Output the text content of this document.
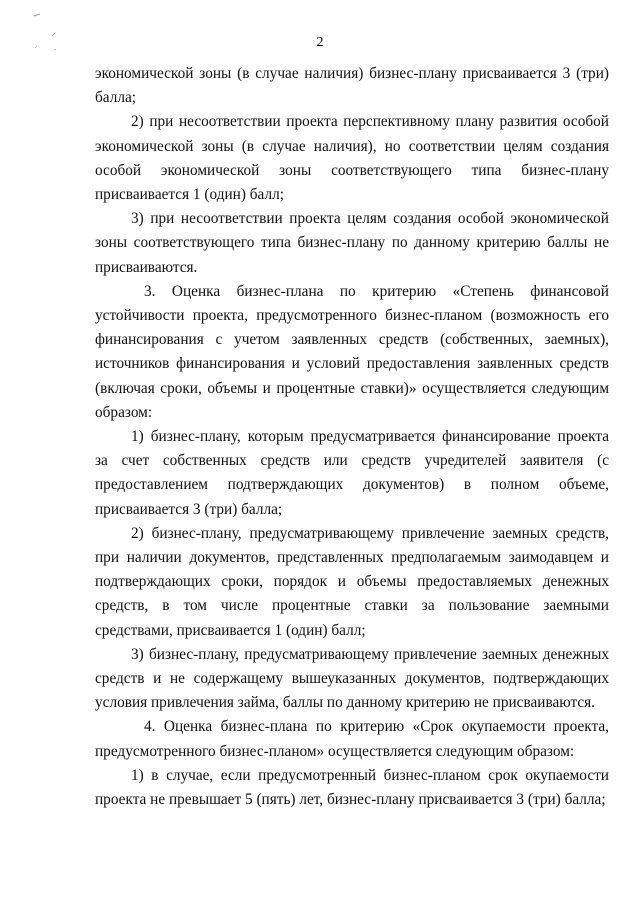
2

экономической зоны (в случае наличия) бизнес-плану присваивается 3 (три) балла;

2) при несоответствии проекта перспективному плану развития особой экономической зоны (в случае наличия), но соответствии целям создания особой экономической зоны соответствующего типа бизнес-плану присваивается 1 (один) балл;

3) при несоответствии проекта целям создания особой экономической зоны соответствующего типа бизнес-плану по данному критерию баллы не присваиваются.

3. Оценка бизнес-плана по критерию «Степень финансовой устойчивости проекта, предусмотренного бизнес-планом (возможность его финансирования с учетом заявленных средств (собственных, заемных), источников финансирования и условий предоставления заявленных средств (включая сроки, объемы и процентные ставки)» осуществляется следующим образом:

1) бизнес-плану, которым предусматривается финансирование проекта за счет собственных средств или средств учредителей заявителя (с предоставлением подтверждающих документов) в полном объеме, присваивается 3 (три) балла;

2) бизнес-плану, предусматривающему привлечение заемных средств, при наличии документов, представленных предполагаемым заимодавцем и подтверждающих сроки, порядок и объемы предоставляемых денежных средств, в том числе процентные ставки за пользование заемными средствами, присваивается 1 (один) балл;

3) бизнес-плану, предусматривающему привлечение заемных денежных средств и не содержащему вышеуказанных документов, подтверждающих условия привлечения займа, баллы по данному критерию не присваиваются.

4. Оценка бизнес-плана по критерию «Срок окупаемости проекта, предусмотренного бизнес-планом» осуществляется следующим образом:

1) в случае, если предусмотренный бизнес-планом срок окупаемости проекта не превышает 5 (пять) лет, бизнес-плану присваивается 3 (три) балла;
